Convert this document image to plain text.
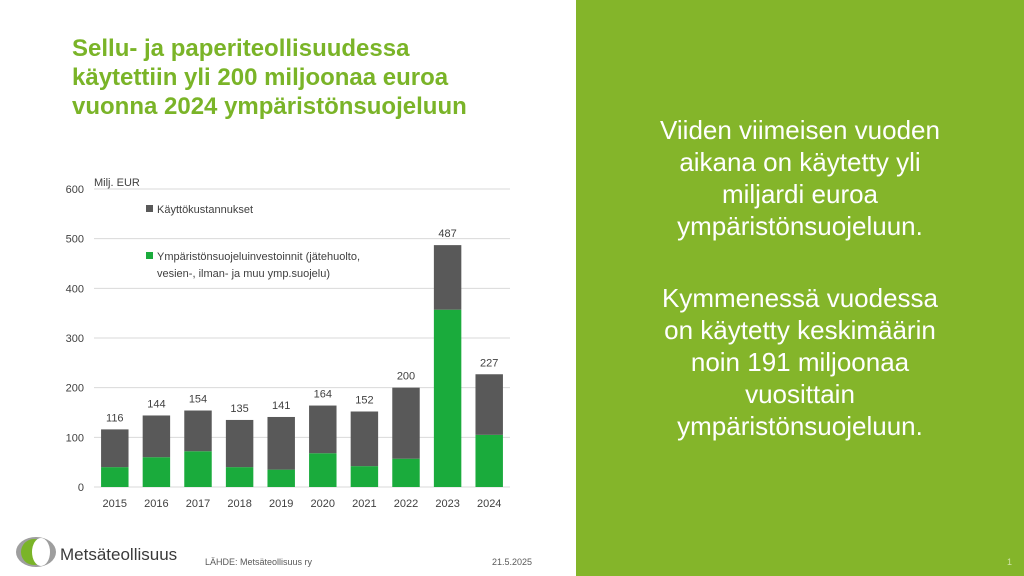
Sellu- ja paperiteollisuudessa
käytettiin yli 200 miljoonaa euroa
vuonna 2024 ympäristönsuojeluun
0
100
200
300
400
500
600
Milj. EUR
116
2015
144
2016
154
2017
135
2018
141
2019
164
2020
152
2021
200
2022
487
2023
227
2024
Käyttökustannukset
Ympäristönsuojeluinvestoinnit (jätehuolto,
vesien-, ilman- ja muu ymp.suojelu)
Viiden viimeisen vuoden
aikana on käytetty yli
miljardi euroa
ympäristönsuojeluun.
Kymmenessä vuodessa
on käytetty keskimäärin
noin 191 miljoonaa
vuosittain
ympäristönsuojeluun.
Metsäteollisuus	LÄHDE: Metsäteollisuus ry	21.5.2025	1
